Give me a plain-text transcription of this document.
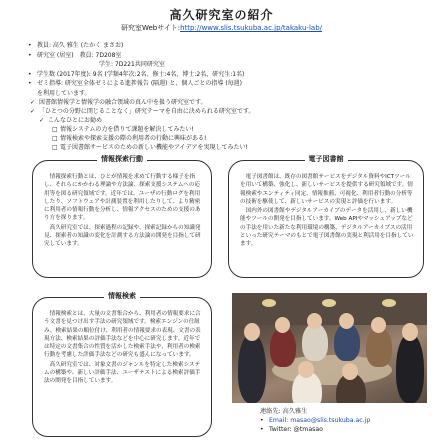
高久研究室の紹介
研究室Webサイト:http://www.slis.tsukuba.ac.jp/takaku-lab/
• 教員: 高久 雅生 (たかく まさお)
• 研究室 (居室)　教員: 7D208室
学生: 7D221共同研究室
• 学生数 (2017年度): 9名 (学類4年次:2名、修士:4名、博士:2名、研究生:1名)
• ゼミ指導: 研究室全体ゼミによる進捗報告 (隔週) と、個人ごとの指導 (毎週)
を利用しています。
✓ 図書館情報学と情報学の融合領域の真ん中を扱う研究室です。
✓ 「ひとつの分野に閉じることなく」研究テーマを自由に決められる研究室です。
✓ こんなひとにお勧め
□ 情報システムの力を借りて課題を解決してみたい!
□ 情報検索や探索支援の際の利用者の行動に興味がある!
□ 電子図書館サービスのための新しい機能やアイデアを実現してみたい!
情報探索行動

情報探索行動とは、ひとが情報を求めて行動する様子を指し、それらにかかわる理論や方法論、探索支援システムへの応用等を図る研究領域です。近年では、ユーザの行動ログを利用したり、ソフトウェアや計測装置を利用したりして、より精密に利用者の情報行動を分析し、情報アクセスのための支援のあり方を探ります。

高久研究室では、探索過程の記録や、探索記録からの知識発見、探索者の知識の変化を計測する方法論の開発を目指して研究しています。

電子図書館

電子図書館は、既存の図書館サービスをデジタル資料やICTツールを用いて構築、強化し、新しいサービスを提供する研究領域です。情報検索やエンティティ同定、情報推薦、可視化、利用者行動の分析等の技術を駆使して、新しいサービスの実現と評価を行います。

国内外の図書館やデジタルアーカイブのデータを活用し、新しい機能やツールの開発を目指しています。Web APIやマッシュアップなどの手法を用いた新たな利用環境の構築、デジタルアーカイブスの活用といった研究テーマのもとで電子図書館の実現と利活用を目指しています。

情報検索

情報検索とは、大量の文書集合から、利用者の情報要求に合う文書を見つけ出す手法の研究領域です。検索エンジンの仕組み、検索結果の順位付け、利用者の情報要求の表現、文書の表現方法、検索結果の評価手法などを中心に研究します。近年では特定の文書集合の性質を活かした検索手法や、利用者の検索行動を考慮した評価手法などの研究も盛んになっています。

高久研究室では、対象文書のジャンルを特定した検索システムの構築や、新しい評価手法、ユーザテストによる検索評価手法の開発を目指しています。

連絡先: 高久雅生
• Email: masao@slis.tsukuba.ac.jp
• Twitter: @tmasao
